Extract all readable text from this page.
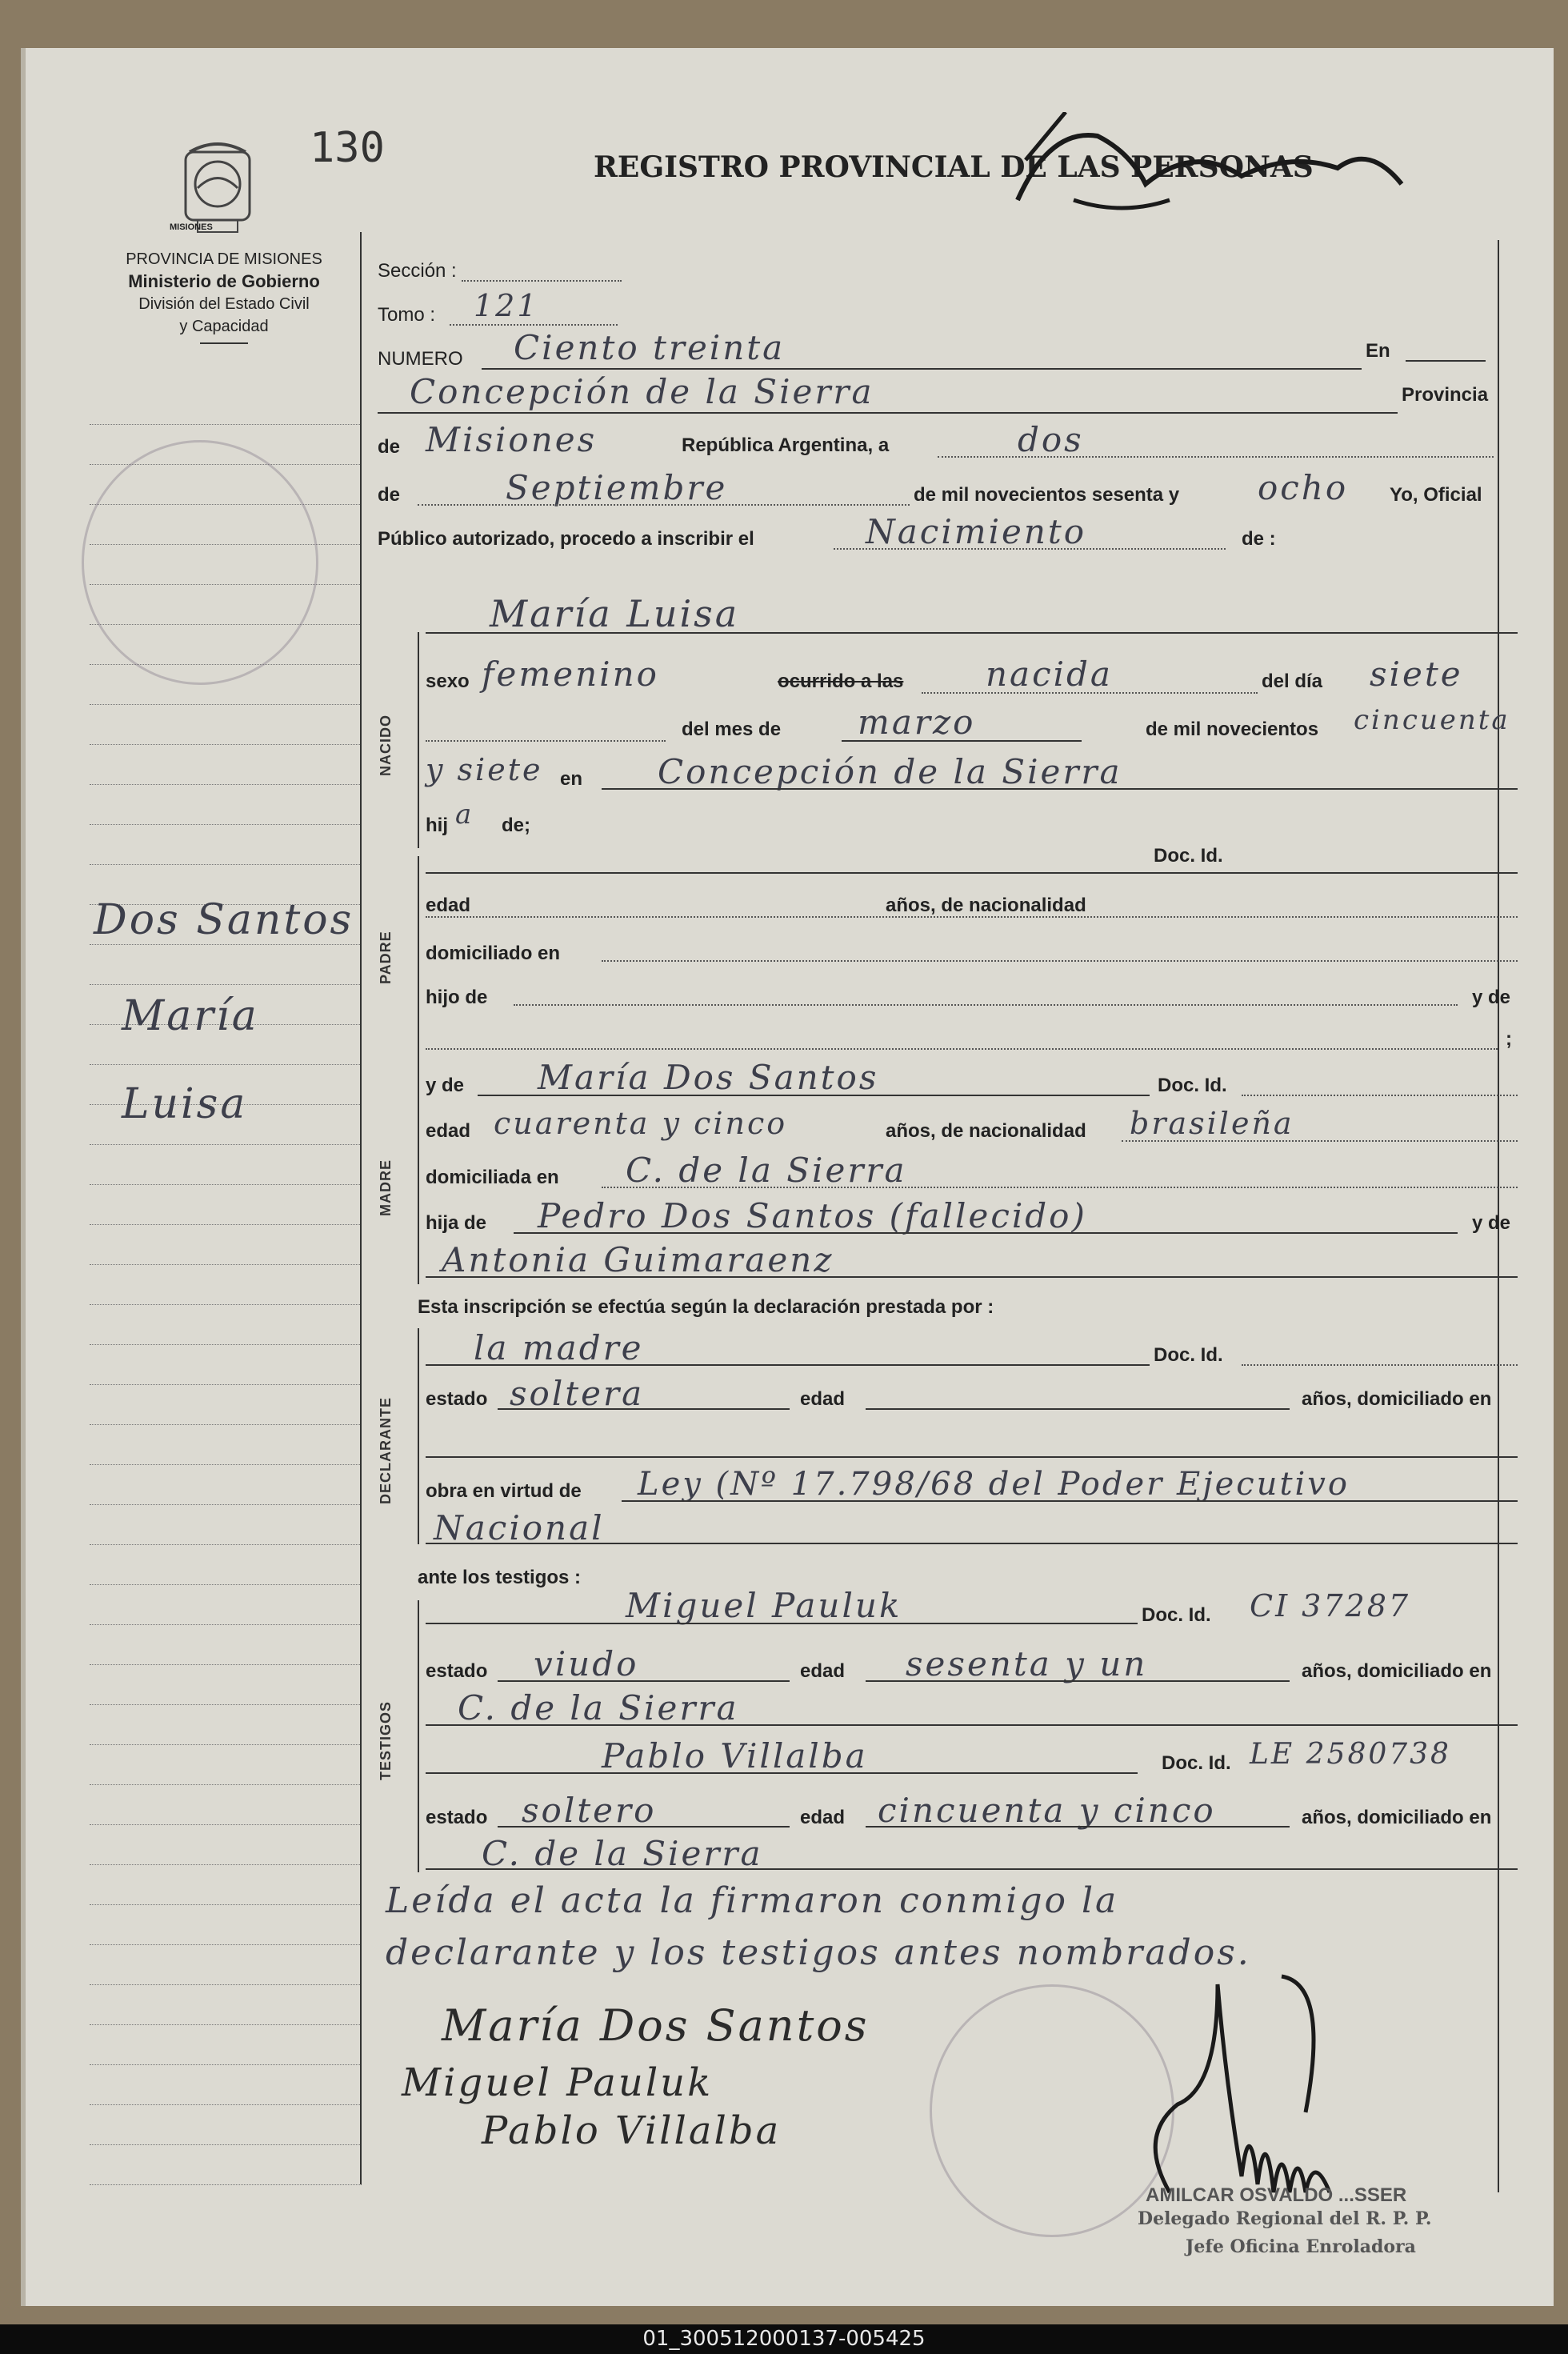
130
MISIONES
PROVINCIA DE MISIONES
Ministerio de Gobierno
División del Estado Civil
y Capacidad
REGISTRO PROVINCIAL DE LAS PERSONAS
Dos Santos
María
Luisa
Sección :
Tomo : 121
NUMERO Ciento treinta	En
Concepción de la Sierra	Provincia
de Misiones	República Argentina, a	dos
de	Septiembre	de mil novecientos sesenta y ocho Yo, Oficial
Público autorizado, procedo a inscribir el	Nacimiento	de :
NACIDO
María Luisa
sexo femenino	ocurrido a las nacida	del día siete
del mes de marzo	de mil novecientos cincuenta
y siete en Concepción de la Sierra
hij a de;
PADRE
Doc. Id.
edad	años, de nacionalidad
domiciliado en
hijo de	y de
;
MADRE
y de María Dos Santos	Doc. Id.
edad cuarenta y cinco	años, de nacionalidad brasileña
domiciliada en C. de la Sierra
hija de Pedro Dos Santos (fallecido)	y de
Antonia Guimaraenz
Esta inscripción se efectúa según la declaración prestada por :
DECLARANTE
la madre	Doc. Id.
estado soltera	edad	años, domiciliado en
obra en virtud de Ley (Nº 17.798/68 del Poder Ejecutivo
Nacional
ante los testigos :
TESTIGOS
Miguel Pauluk	Doc. Id. CI 37287
estado viudo	edad sesenta y un	años, domiciliado en
C. de la Sierra
Pablo Villalba	Doc. Id. LE 2580738
estado soltero	edad cincuenta y cinco	años, domiciliado en
C. de la Sierra
Leída el acta la firmaron conmigo la
declarante y los testigos antes nombrados.
María Dos Santos
Miguel Pauluk
Pablo Villalba
AMILCAR OSVALDO ...SSER
Delegado Regional del R. P. P.
Jefe Oficina Enroladora
01_300512000137-005425
